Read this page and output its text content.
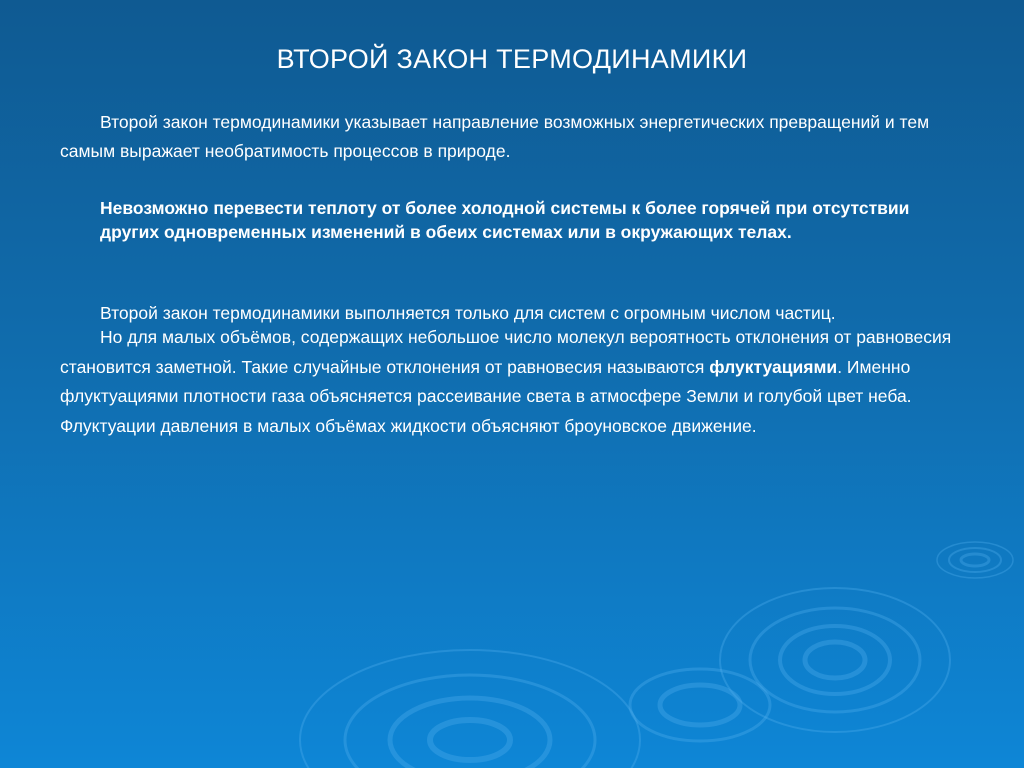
ВТОРОЙ ЗАКОН ТЕРМОДИНАМИКИ
Второй закон термодинамики указывает направление возможных энергетических превращений и тем самым выражает необратимость процессов в природе.
Невозможно перевести теплоту от более холодной системы к более горячей при отсутствии других одновременных изменений в обеих системах или в окружающих телах.
Второй закон термодинамики выполняется только для систем с огромным числом частиц.
Но для малых объёмов, содержащих небольшое число молекул вероятность отклонения от равновесия становится заметной. Такие случайные отклонения от равновесия называются флуктуациями. Именно флуктуациями плотности газа объясняется рассеивание света в атмосфере Земли и голубой цвет неба. Флуктуации давления в малых объёмах жидкости объясняют броуновское движение.
